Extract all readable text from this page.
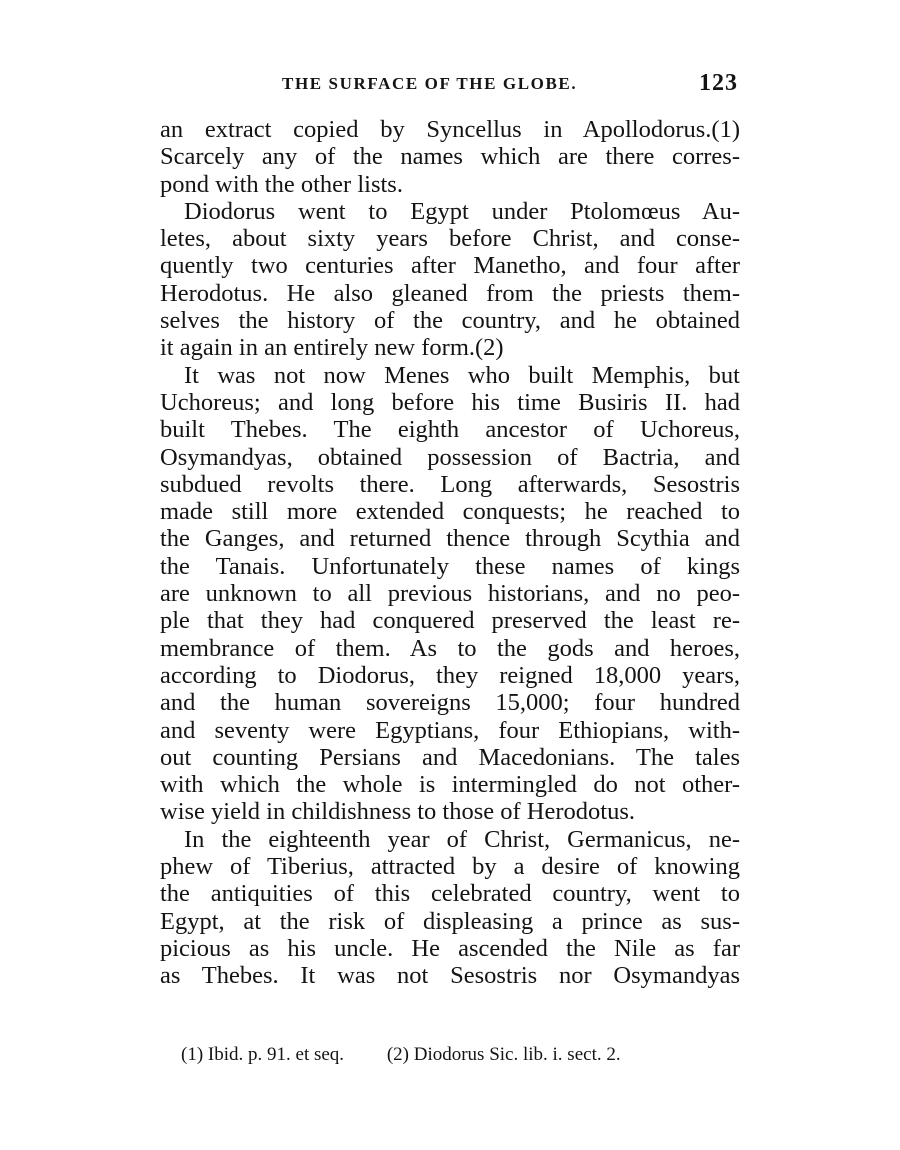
THE SURFACE OF THE GLOBE.	123
an extract copied by Syncellus in Apollodorus.(1)
Scarcely any of the names which are there corres-
pond with the other lists.
Diodorus went to Egypt under Ptolomœus Au-
letes, about sixty years before Christ, and conse-
quently two centuries after Manetho, and four after
Herodotus. He also gleaned from the priests them-
selves the history of the country, and he obtained
it again in an entirely new form.(2)
It was not now Menes who built Memphis, but
Uchoreus; and long before his time Busiris II. had
built Thebes. The eighth ancestor of Uchoreus,
Osymandyas, obtained possession of Bactria, and
subdued revolts there. Long afterwards, Sesostris
made still more extended conquests; he reached to
the Ganges, and returned thence through Scythia and
the Tanais. Unfortunately these names of kings
are unknown to all previous historians, and no peo-
ple that they had conquered preserved the least re-
membrance of them. As to the gods and heroes,
according to Diodorus, they reigned 18,000 years,
and the human sovereigns 15,000; four hundred
and seventy were Egyptians, four Ethiopians, with-
out counting Persians and Macedonians. The tales
with which the whole is intermingled do not other-
wise yield in childishness to those of Herodotus.
In the eighteenth year of Christ, Germanicus, ne-
phew of Tiberius, attracted by a desire of knowing
the antiquities of this celebrated country, went to
Egypt, at the risk of displeasing a prince as sus-
picious as his uncle. He ascended the Nile as far
as Thebes. It was not Sesostris nor Osymandyas
(1) Ibid. p. 91. et seq. (2) Diodorus Sic. lib. i. sect. 2.
